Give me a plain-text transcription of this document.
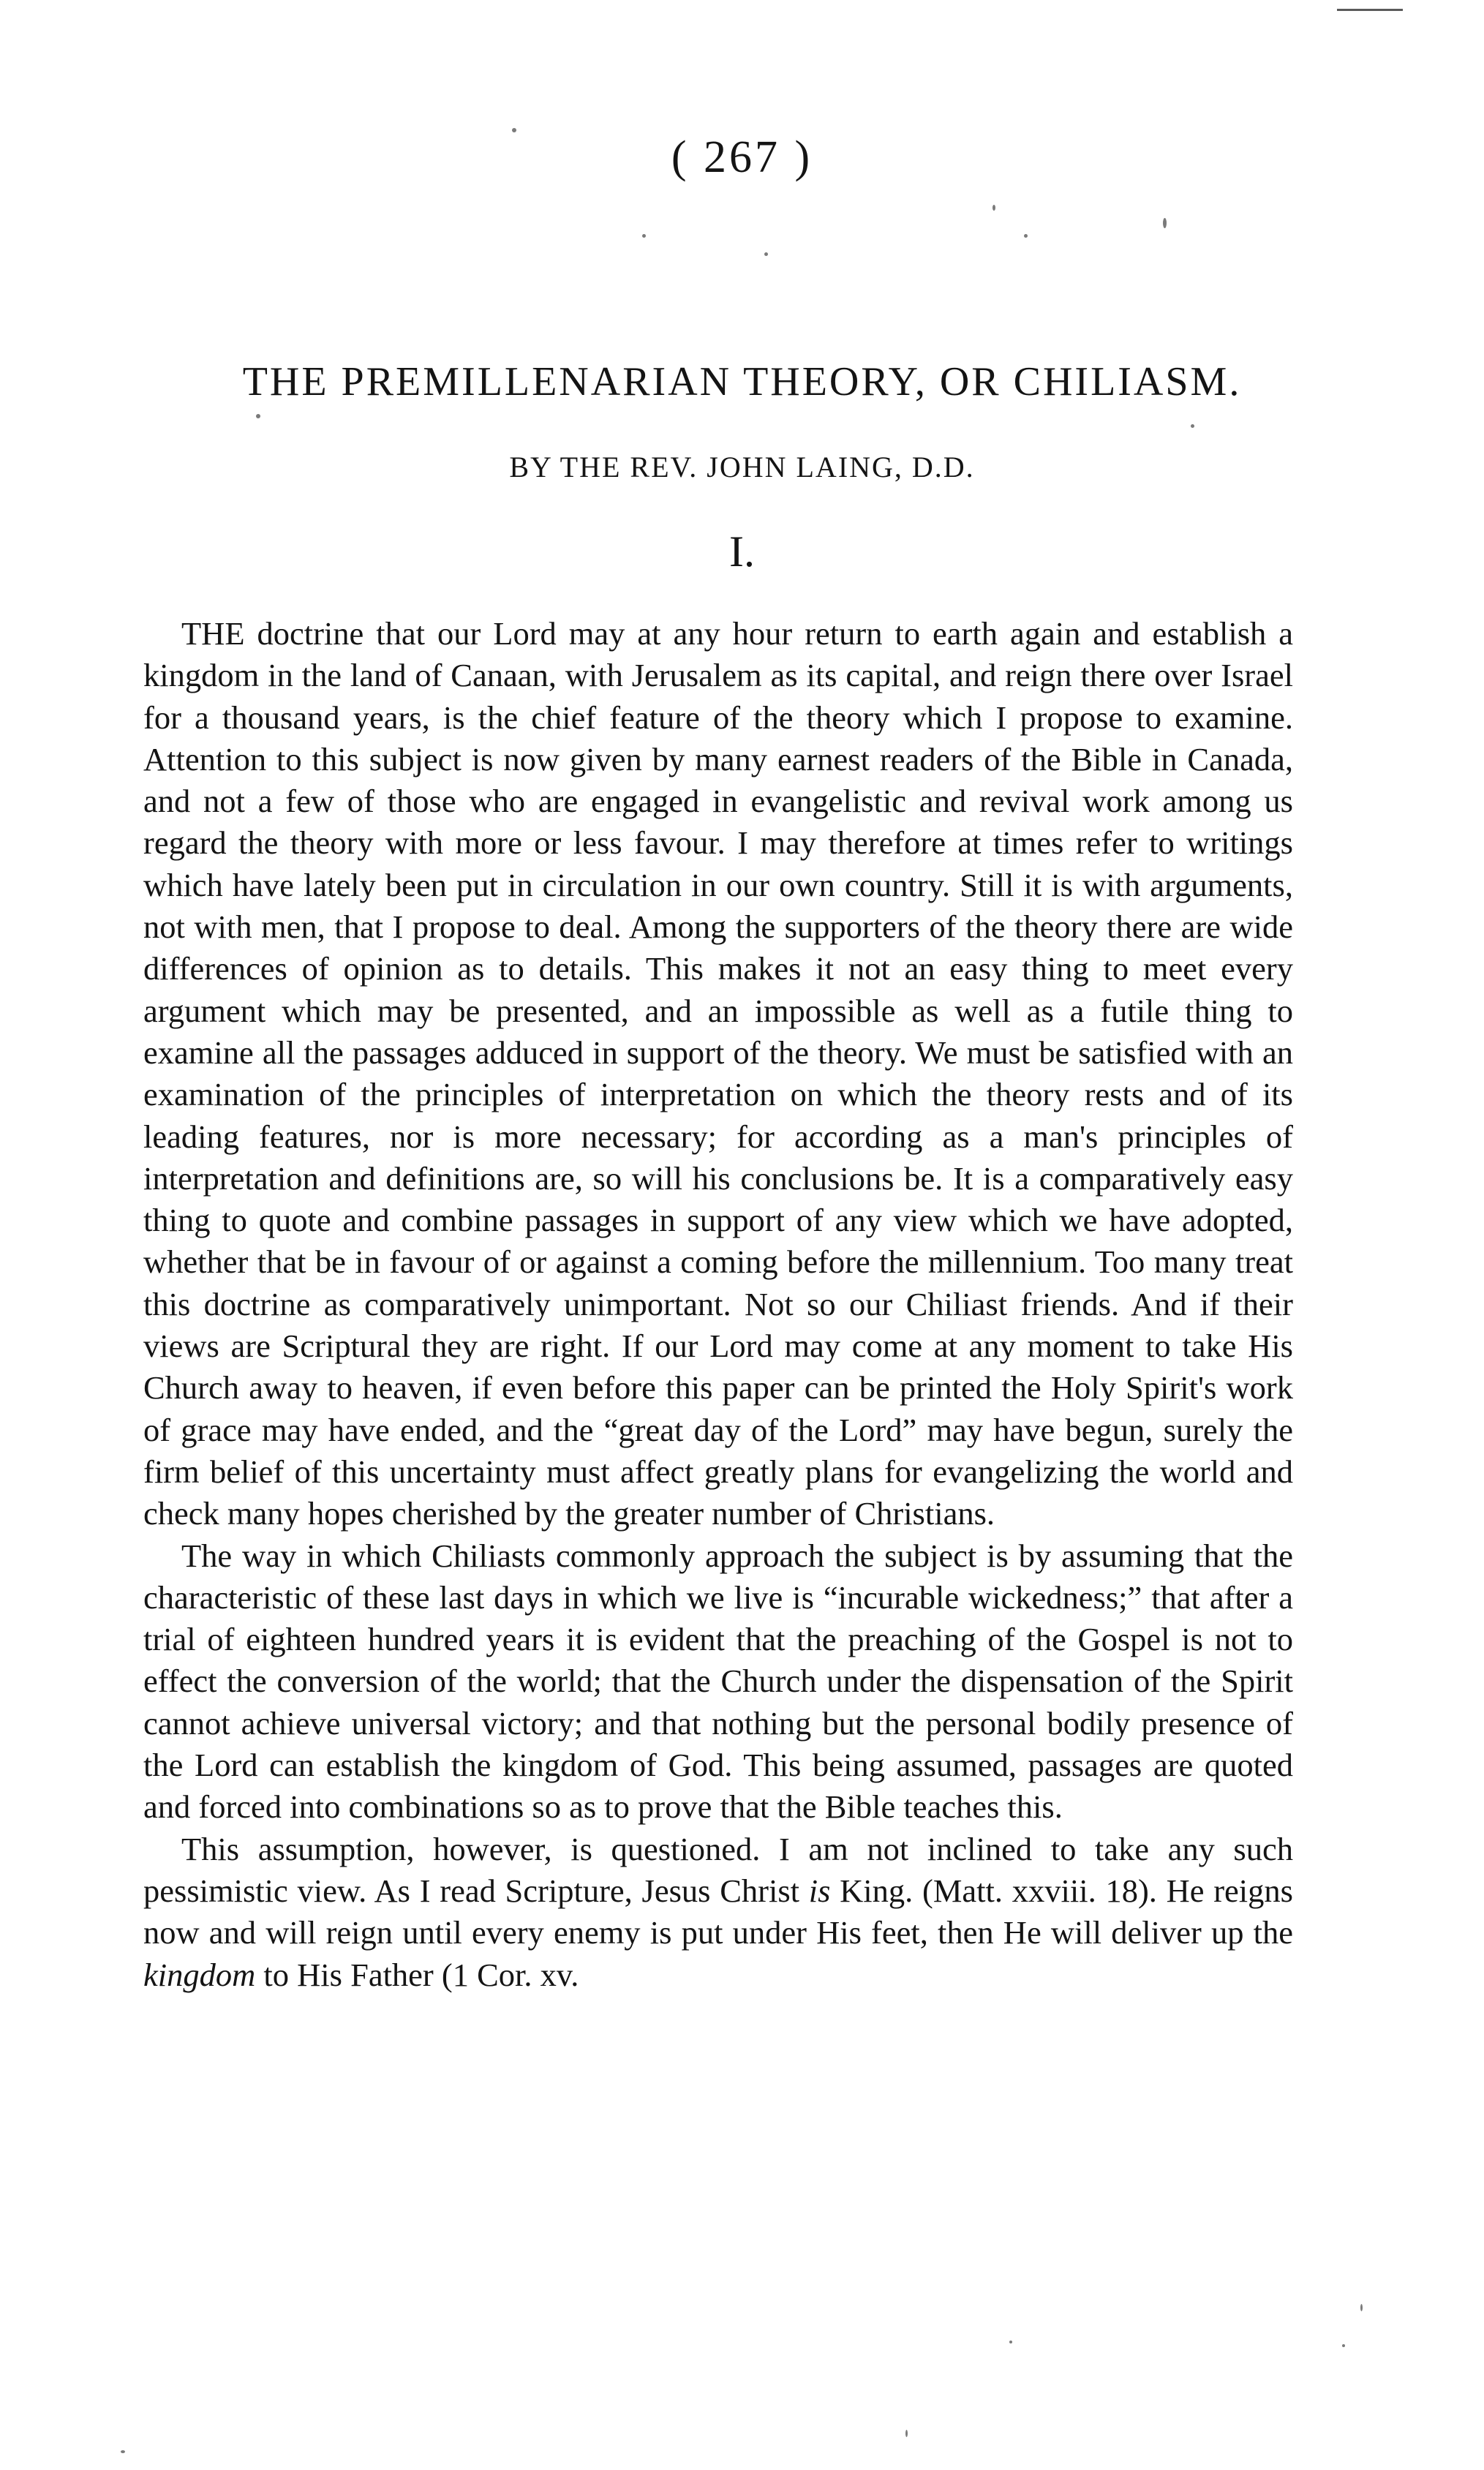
( 267 )
THE PREMILLENARIAN THEORY, OR CHILIASM.
BY THE REV. JOHN LAING, D.D.
I.

THE doctrine that our Lord may at any hour return to earth again and establish a kingdom in the land of Canaan, with Jerusalem as its capital, and reign there over Israel for a thousand years, is the chief feature of the theory which I propose to examine. Attention to this subject is now given by many earnest readers of the Bible in Canada, and not a few of those who are engaged in evangelistic and revival work among us regard the theory with more or less favour. I may therefore at times refer to writings which have lately been put in circulation in our own country. Still it is with arguments, not with men, that I propose to deal. Among the supporters of the theory there are wide differences of opinion as to details. This makes it not an easy thing to meet every argument which may be presented, and an impossible as well as a futile thing to examine all the passages adduced in support of the theory. We must be satisfied with an examination of the principles of interpretation on which the theory rests and of its leading features, nor is more necessary; for according as a man's principles of interpretation and definitions are, so will his conclusions be. It is a comparatively easy thing to quote and combine passages in support of any view which we have adopted, whether that be in favour of or against a coming before the millennium. Too many treat this doctrine as comparatively unimportant. Not so our Chiliast friends. And if their views are Scriptural they are right. If our Lord may come at any moment to take His Church away to heaven, if even before this paper can be printed the Holy Spirit's work of grace may have ended, and the “great day of the Lord” may have begun, surely the firm belief of this uncertainty must affect greatly plans for evangelizing the world and check many hopes cherished by the greater number of Christians.

The way in which Chiliasts commonly approach the subject is by assuming that the characteristic of these last days in which we live is “incurable wickedness;” that after a trial of eighteen hundred years it is evident that the preaching of the Gospel is not to effect the conversion of the world; that the Church under the dispensation of the Spirit cannot achieve universal victory; and that nothing but the personal bodily presence of the Lord can establish the kingdom of God. This being assumed, passages are quoted and forced into combinations so as to prove that the Bible teaches this.

This assumption, however, is questioned. I am not inclined to take any such pessimistic view. As I read Scripture, Jesus Christ is King. (Matt. xxviii. 18). He reigns now and will reign until every enemy is put under His feet, then He will deliver up the kingdom to His Father (1 Cor. xv.
